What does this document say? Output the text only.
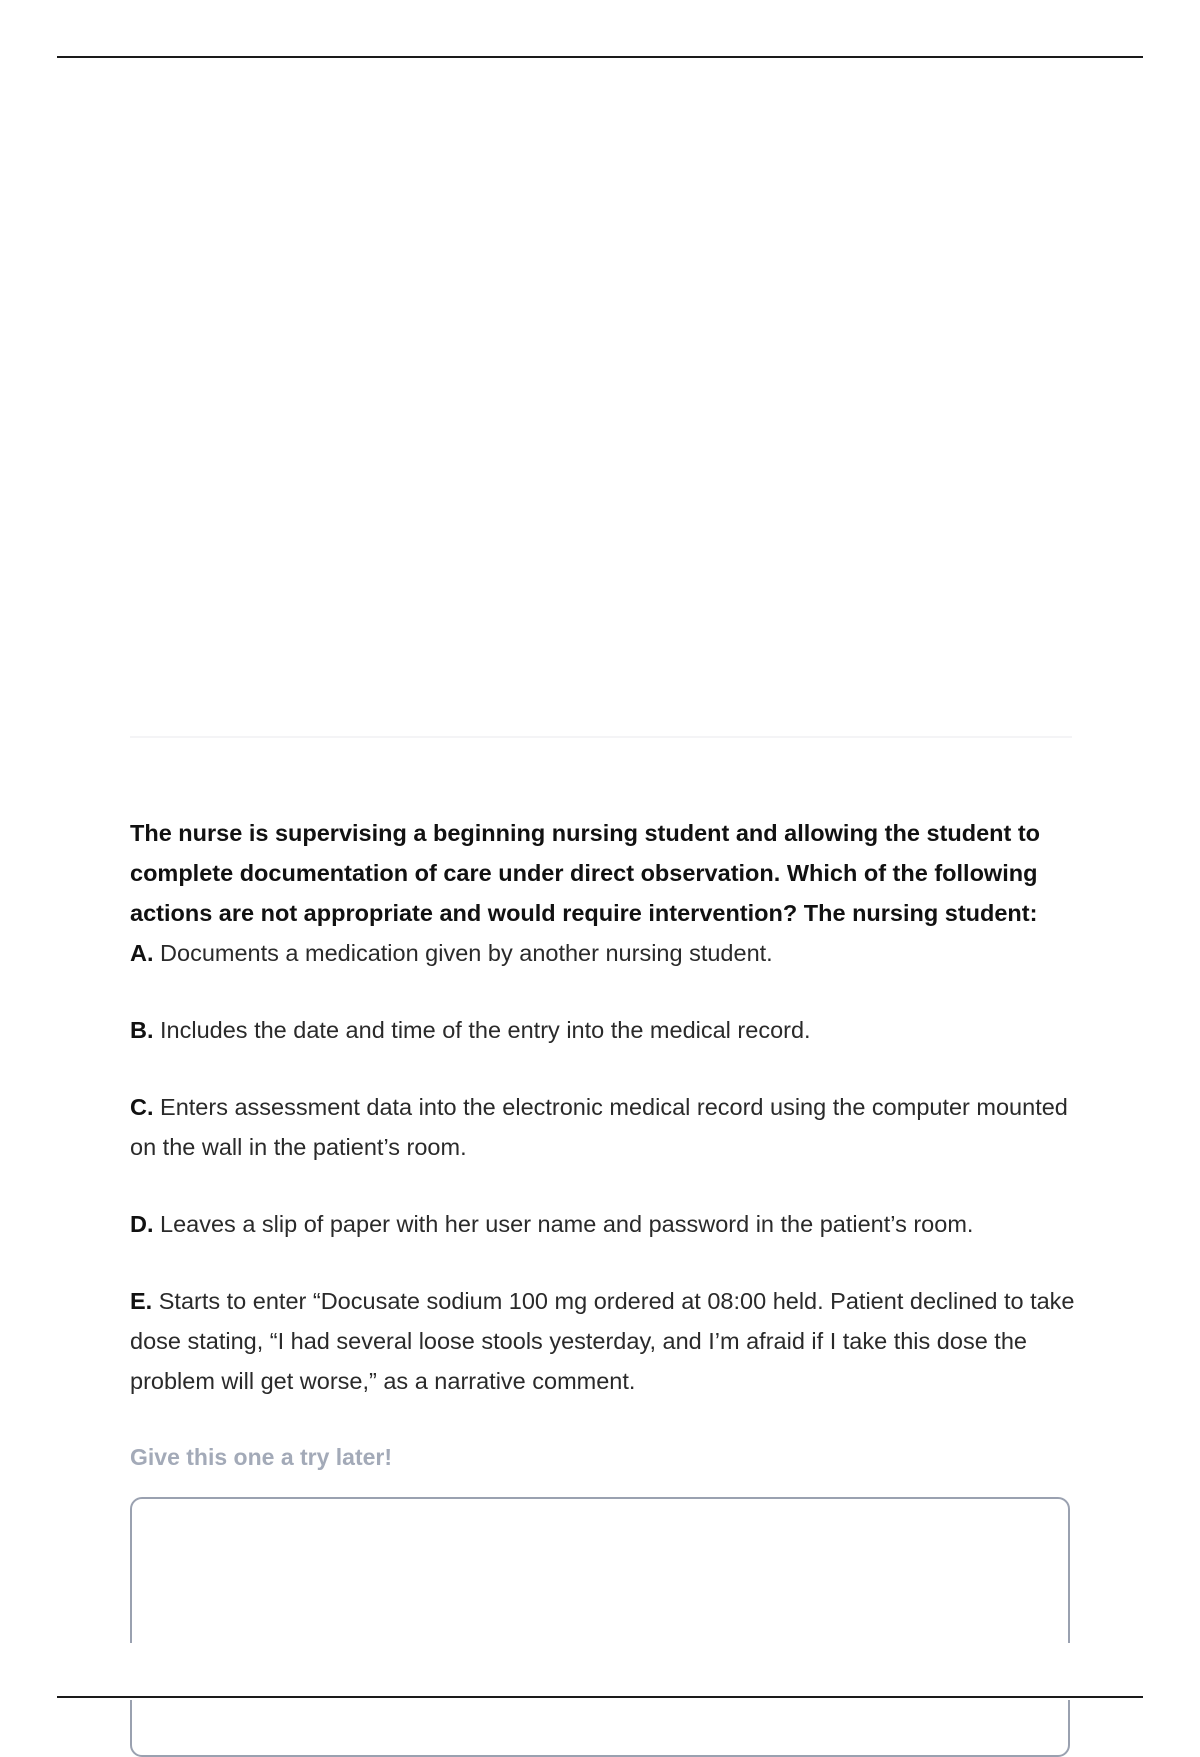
The nurse is supervising a beginning nursing student and allowing the student to complete documentation of care under direct observation. Which of the following actions are not appropriate and would require intervention? The nursing student:

A. Documents a medication given by another nursing student.

B. Includes the date and time of the entry into the medical record.

C. Enters assessment data into the electronic medical record using the computer mounted on the wall in the patient’s room.

D. Leaves a slip of paper with her user name and password in the patient’s room.

E. Starts to enter “Docusate sodium 100 mg ordered at 08:00 held. Patient declined to take dose stating, “I had several loose stools yesterday, and I’m afraid if I take this dose the problem will get worse,” as a narrative comment.

Give this one a try later!
